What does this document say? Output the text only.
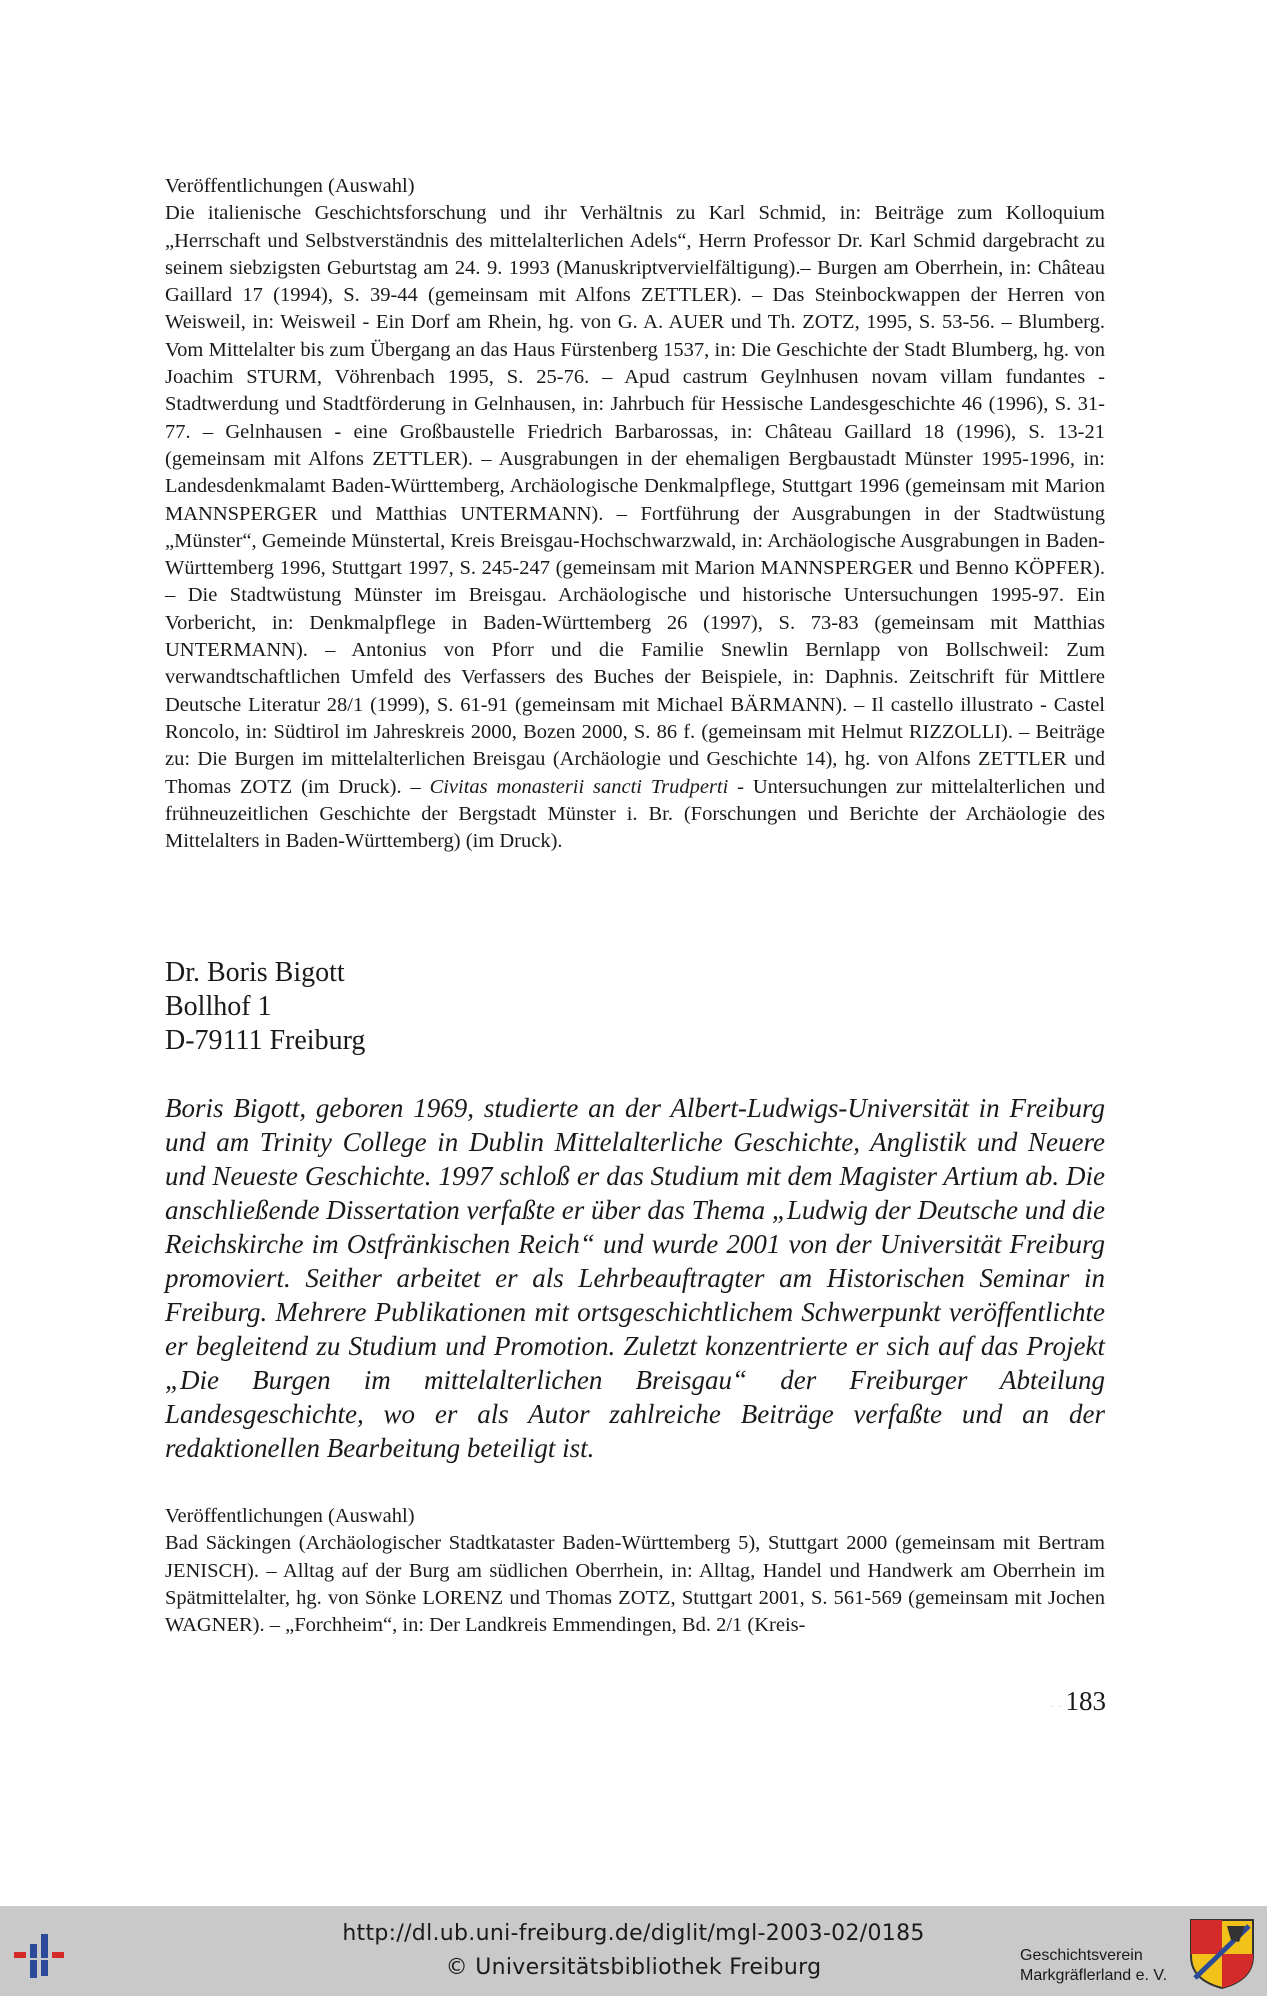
Veröffentlichungen (Auswahl)
Die italienische Geschichtsforschung und ihr Verhältnis zu Karl Schmid, in: Beiträge zum Kolloquium „Herrschaft und Selbstverständnis des mittelalterlichen Adels“, Herrn Professor Dr. Karl Schmid dargebracht zu seinem siebzigsten Geburtstag am 24. 9. 1993 (Manuskriptvervielfältigung).– Burgen am Oberrhein, in: Château Gaillard 17 (1994), S. 39-44 (gemeinsam mit Alfons ZETTLER). – Das Steinbockwappen der Herren von Weisweil, in: Weisweil - Ein Dorf am Rhein, hg. von G. A. AUER und Th. ZOTZ, 1995, S. 53-56. – Blumberg. Vom Mittelalter bis zum Übergang an das Haus Fürstenberg 1537, in: Die Geschichte der Stadt Blumberg, hg. von Joachim STURM, Vöhrenbach 1995, S. 25-76. – Apud castrum Geylnhusen novam villam fundantes - Stadtwerdung und Stadtförderung in Gelnhausen, in: Jahrbuch für Hessische Landesgeschichte 46 (1996), S. 31-77. – Gelnhausen - eine Großbaustelle Friedrich Barbarossas, in: Château Gaillard 18 (1996), S. 13-21 (gemeinsam mit Alfons ZETTLER). – Ausgrabungen in der ehemaligen Bergbaustadt Münster 1995-1996, in: Landesdenkmalamt Baden-Württemberg, Archäologische Denkmalpflege, Stuttgart 1996 (gemeinsam mit Marion MANNSPERGER und Matthias UNTERMANN). – Fortführung der Ausgrabungen in der Stadtwüstung „Münster“, Gemeinde Münstertal, Kreis Breisgau-Hochschwarzwald, in: Archäologische Ausgrabungen in Baden-Württemberg 1996, Stuttgart 1997, S. 245-247 (gemeinsam mit Marion MANNSPERGER und Benno KÖPFER). – Die Stadtwüstung Münster im Breisgau. Archäologische und historische Untersuchungen 1995-97. Ein Vorbericht, in: Denkmalpflege in Baden-Württemberg 26 (1997), S. 73-83 (gemeinsam mit Matthias UNTERMANN). – Antonius von Pforr und die Familie Snewlin Bernlapp von Bollschweil: Zum verwandtschaftlichen Umfeld des Verfassers des Buches der Beispiele, in: Daphnis. Zeitschrift für Mittlere Deutsche Literatur 28/1 (1999), S. 61-91 (gemeinsam mit Michael BÄRMANN). – Il castello illustrato - Castel Roncolo, in: Südtirol im Jahreskreis 2000, Bozen 2000, S. 86 f. (gemeinsam mit Helmut RIZZOLLI). – Beiträge zu: Die Burgen im mittelalterlichen Breisgau (Archäologie und Geschichte 14), hg. von Alfons ZETTLER und Thomas ZOTZ (im Druck). – Civitas monasterii sancti Trudperti - Untersuchungen zur mittelalterlichen und frühneuzeitlichen Geschichte der Bergstadt Münster i. Br. (Forschungen und Berichte der Archäologie des Mittelalters in Baden-Württemberg) (im Druck).
Dr. Boris Bigott
Bollhof 1
D-79111 Freiburg
Boris Bigott, geboren 1969, studierte an der Albert-Ludwigs-Universität in Freiburg und am Trinity College in Dublin Mittelalterliche Geschichte, Anglistik und Neuere und Neueste Geschichte. 1997 schloß er das Studium mit dem Magister Artium ab. Die anschließende Dissertation verfaßte er über das Thema „Ludwig der Deutsche und die Reichskirche im Ostfränkischen Reich“ und wurde 2001 von der Universität Freiburg promoviert. Seither arbeitet er als Lehrbeauftragter am Historischen Seminar in Freiburg. Mehrere Publikationen mit ortsgeschichtlichem Schwerpunkt veröffentlichte er begleitend zu Studium und Promotion. Zuletzt konzentrierte er sich auf das Projekt „Die Burgen im mittelalterlichen Breisgau“ der Freiburger Abteilung Landesgeschichte, wo er als Autor zahlreiche Beiträge verfaßte und an der redaktionellen Bearbeitung beteiligt ist.
Veröffentlichungen (Auswahl)
Bad Säckingen (Archäologischer Stadtkataster Baden-Württemberg 5), Stuttgart 2000 (gemeinsam mit Bertram JENISCH). – Alltag auf der Burg am südlichen Oberrhein, in: Alltag, Handel und Handwerk am Oberrhein im Spätmittelalter, hg. von Sönke LORENZ und Thomas ZOTZ, Stuttgart 2001, S. 561-569 (gemeinsam mit Jochen WAGNER). – „Forchheim“, in: Der Landkreis Emmendingen, Bd. 2/1 (Kreis-
· · 183
http://dl.ub.uni-freiburg.de/diglit/mgl-2003-02/0185
© Universitätsbibliothek Freiburg	Geschichtsverein
Markgräflerland e. V.
